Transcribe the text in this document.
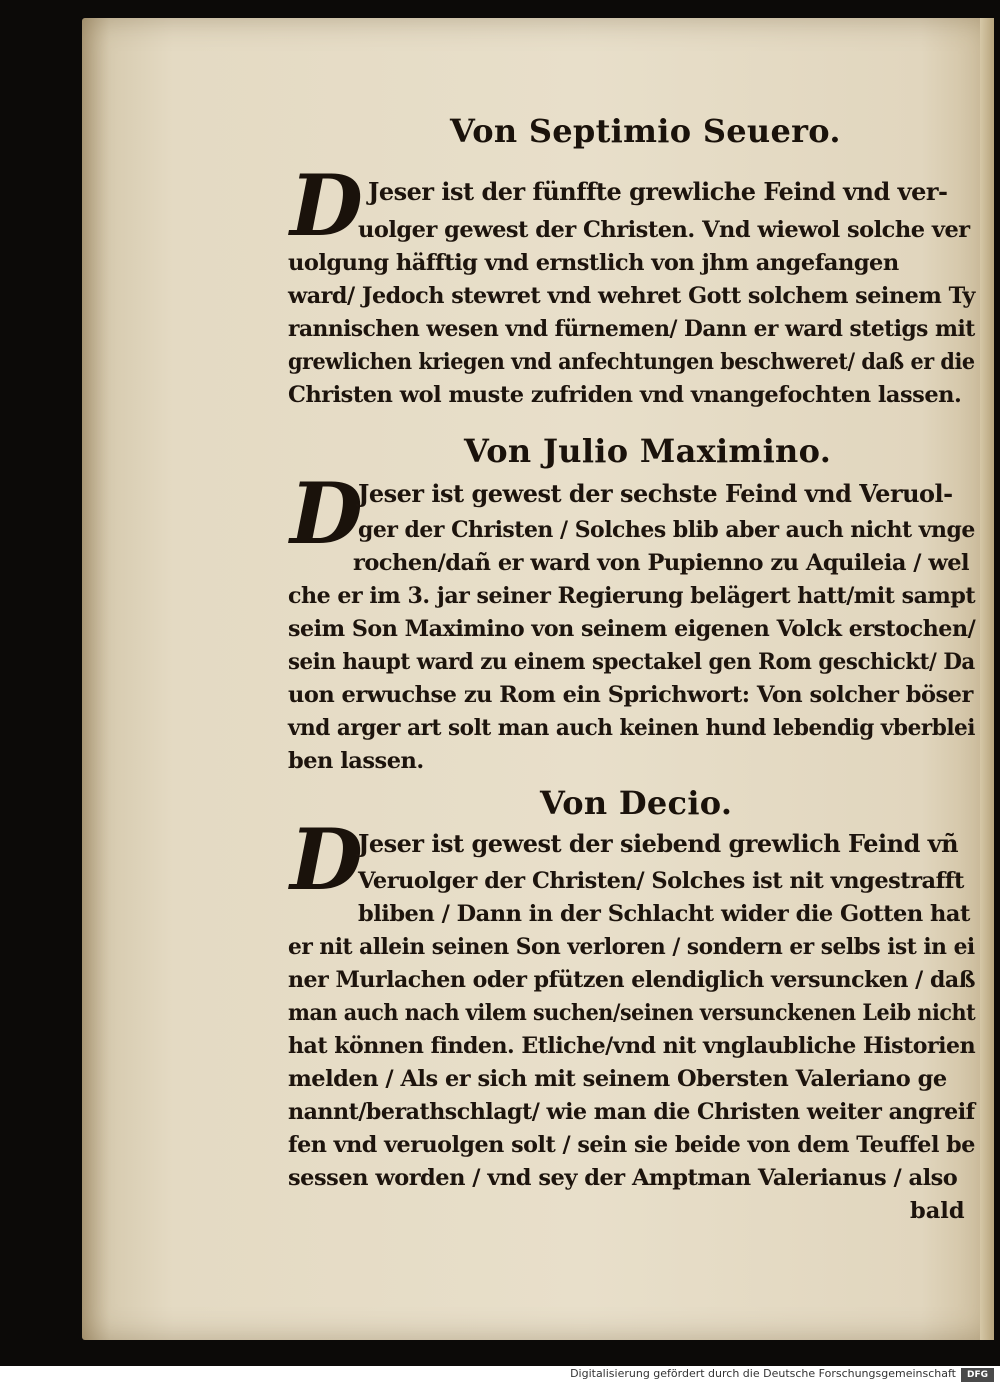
Von Septimio Seuero.
D Jeser ist der fünffte grewliche Feind vnd ver-
uolger gewest der Christen. Vnd wiewol solche ver
uolgung häfftig vnd ernstlich von jhm angefangen
ward/ Jedoch stewret vnd wehret Gott solchem seinem Ty
rannischen wesen vnd fürnemen/ Dann er ward stetigs mit
grewlichen kriegen vnd anfechtungen beschweret/ daß er die
Christen wol muste zufriden vnd vnangefochten lassen.
Von Julio Maximino.
D
Jeser ist gewest der sechste Feind vnd Veruol-
ger der Christen / Solches blib aber auch nicht vnge
rochen/dañ er ward von Pupienno zu Aquileia / wel
che er im 3. jar seiner Regierung belägert hatt/mit sampt
seim Son Maximino von seinem eigenen Volck erstochen/
sein haupt ward zu einem spectakel gen Rom geschickt/ Da
uon erwuchse zu Rom ein Sprichwort: Von solcher böser
vnd arger art solt man auch keinen hund lebendig vberblei
ben lassen.
Von Decio.
D
Jeser ist gewest der siebend grewlich Feind vñ
Veruolger der Christen/ Solches ist nit vngestrafft
bliben / Dann in der Schlacht wider die Gotten hat
er nit allein seinen Son verloren / sondern er selbs ist in ei
ner Murlachen oder pfützen elendiglich versuncken / daß
man auch nach vilem suchen/seinen versunckenen Leib nicht
hat können finden. Etliche/vnd nit vnglaubliche Historien
melden / Als er sich mit seinem Obersten Valeriano ge
nannt/berathschlagt/ wie man die Christen weiter angreif
fen vnd veruolgen solt / sein sie beide von dem Teuffel be
sessen worden / vnd sey der Amptman Valerianus / also
bald
Digitalisierung gefördert durch die Deutsche Forschungsgemeinschaft	DFG
